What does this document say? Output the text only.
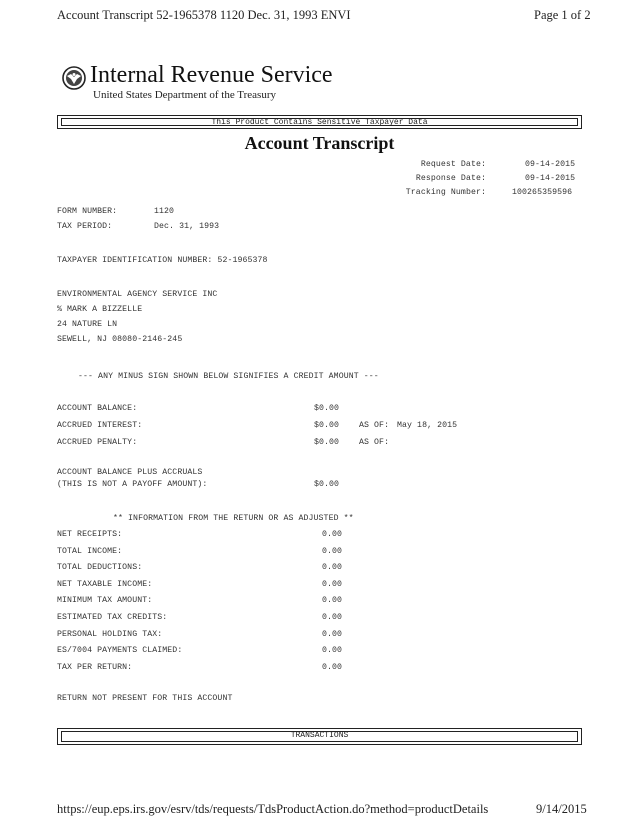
Account Transcript 52-1965378 1120 Dec. 31, 1993 ENVI	Page 1 of 2
Internal Revenue Service
United States Department of the Treasury
This Product Contains Sensitive Taxpayer Data
Account Transcript
Request Date:	09-14-2015
Response Date:	09-14-2015
Tracking Number:	100265359596
FORM NUMBER:	1120
TAX PERIOD:	Dec. 31, 1993
TAXPAYER IDENTIFICATION NUMBER: 52-1965378
ENVIRONMENTAL AGENCY SERVICE INC
% MARK A BIZZELLE
24 NATURE LN
SEWELL, NJ 08080-2146-245
--- ANY MINUS SIGN SHOWN BELOW SIGNIFIES A CREDIT AMOUNT ---
ACCOUNT BALANCE:	$0.00
ACCRUED INTEREST:	$0.00 AS OF: May 18, 2015
ACCRUED PENALTY:	$0.00 AS OF:
ACCOUNT BALANCE PLUS ACCRUALS
(THIS IS NOT A PAYOFF AMOUNT):	$0.00
** INFORMATION FROM THE RETURN OR AS ADJUSTED **
NET RECEIPTS:	0.00
TOTAL INCOME:	0.00
TOTAL DEDUCTIONS:	0.00
NET TAXABLE INCOME:	0.00
MINIMUM TAX AMOUNT:	0.00
ESTIMATED TAX CREDITS:	0.00
PERSONAL HOLDING TAX:	0.00
ES/7004 PAYMENTS CLAIMED:	0.00
TAX PER RETURN:	0.00
RETURN NOT PRESENT FOR THIS ACCOUNT
TRANSACTIONS
https://eup.eps.irs.gov/esrv/tds/requests/TdsProductAction.do?method=productDetails	9/14/2015
